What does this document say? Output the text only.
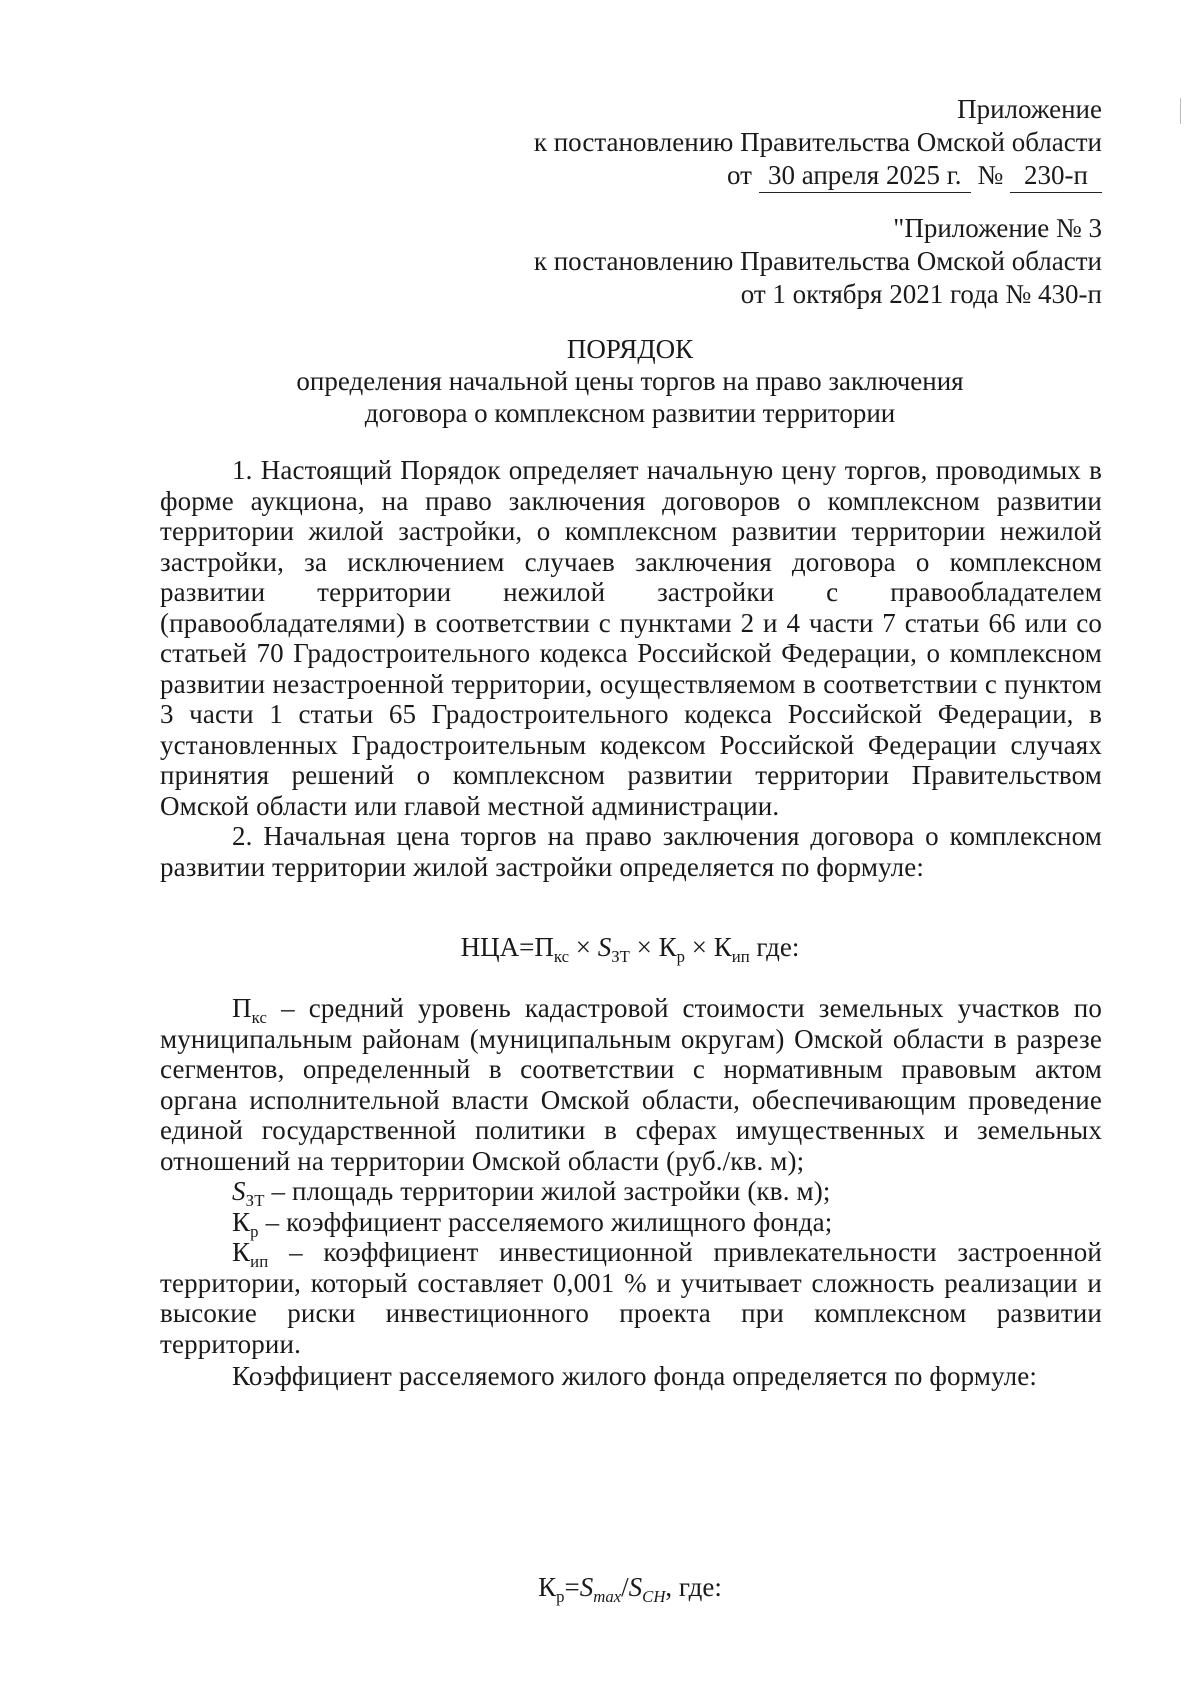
Приложение
к постановлению Правительства Омской области
от 30 апреля 2025 г. № 230-п
"Приложение № 3
к постановлению Правительства Омской области
от 1 октября 2021 года № 430-п
ПОРЯДОК
определения начальной цены торгов на право заключения
договора о комплексном развитии территории

1. Настоящий Порядок определяет начальную цену торгов, проводимых в форме аукциона, на право заключения договоров о комплексном развитии территории жилой застройки, о комплексном развитии территории нежилой застройки, за исключением случаев заключения договора о комплексном развитии территории нежилой застройки с правообладателем (правообладателями) в соответствии с пунктами 2 и 4 части 7 статьи 66 или со статьей 70 Градостроительного кодекса Российской Федерации, о комплексном развитии незастроенной территории, осуществляемом в соответствии с пунктом 3 части 1 статьи 65 Градостроительного кодекса Российской Федерации, в установленных Градостроительным кодексом Российской Федерации случаях принятия решений о комплексном развитии территории Правительством Омской области или главой местной администрации.

2. Начальная цена торгов на право заключения договора о комплексном развитии территории жилой застройки определяется по формуле:

$НЦА=П_{кс} \times S_{ЗТ} \times К_р \times К_{ип}$ где:

$П_{кс}$ – средний уровень кадастровой стоимости земельных участков по муниципальным районам (муниципальным округам) Омской области в разрезе сегментов, определенный в соответствии с нормативным правовым актом органа исполнительной власти Омской области, обеспечивающим проведение единой государственной политики в сферах имущественных и земельных отношений на территории Омской области (руб./кв. м);

$S_{ЗТ}$ – площадь территории жилой застройки (кв. м);

$К_р$ – коэффициент расселяемого жилищного фонда;

$К_{ип}$ – коэффициент инвестиционной привлекательности застроенной территории, который составляет 0,001 % и учитывает сложность реализации и высокие риски инвестиционного проекта при комплексном развитии территории.

Коэффициент расселяемого жилого фонда определяется по формуле:

$К_р=S_{max}/S_{CH}$, где:
